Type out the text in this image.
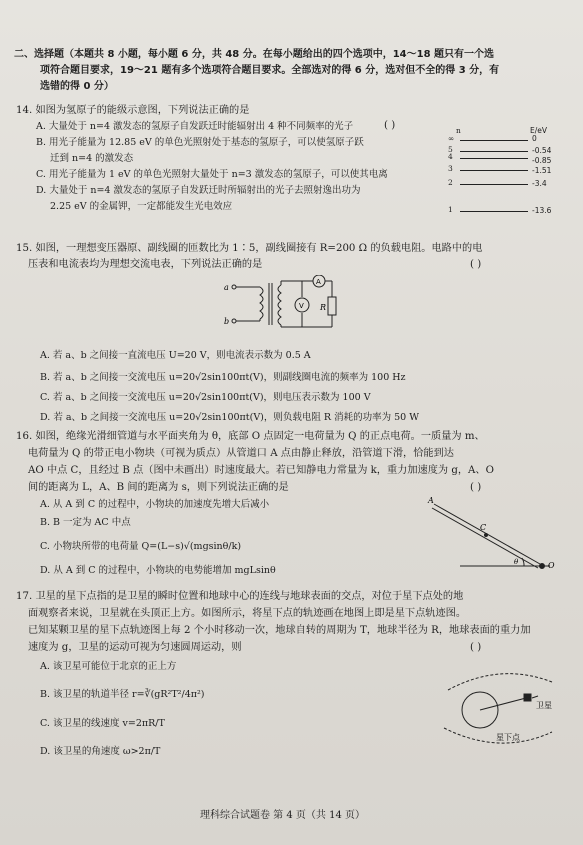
二、选择题（本题共 8 小题，每小题 6 分，共 48 分。在每小题给出的四个选项中，14～18 题只有一个选
项符合题目要求，19～21 题有多个选项符合题目要求。全部选对的得 6 分，选对但不全的得 3 分，有
选错的得 0 分）
14. 如图为氢原子的能级示意图，下列说法正确的是
( )
A. 大量处于 n=4 激发态的氢原子自发跃迁时能辐射出 4 种不同频率的光子
B. 用光子能量为 12.85 eV 的单色光照射处于基态的氢原子，可以使氢原子跃
迁到 n=4 的激发态
C. 用光子能量为 1 eV 的单色光照射大量处于 n=3 激发态的氢原子，可以使其电离
D. 大量处于 n=4 激发态的氢原子自发跃迁时所辐射出的光子去照射逸出功为
2.25 eV 的金属钾，一定都能发生光电效应
n	E/eV
∞	0
5	-0.54
4	-0.85
3	-1.51
2	-3.4
1	-13.6
15. 如图，一理想变压器原、副线圈的匝数比为 1∶5，副线圈接有 R=200 Ω 的负载电阻。电路中的电
压表和电流表均为理想交流电表，下列说法正确的是	( )
a
b
A
V R
A. 若 a、b 之间接一直流电压 U=20 V，则电流表示数为 0.5 A
B. 若 a、b 之间接一交流电压 u=20√2sin100πt(V)，则副线圈电流的频率为 100 Hz
C. 若 a、b 之间接一交流电压 u=20√2sin100πt(V)，则电压表示数为 100 V
D. 若 a、b 之间接一交流电压 u=20√2sin100πt(V)，则负载电阻 R 消耗的功率为 50 W
16. 如图，绝缘光滑细管道与水平面夹角为 θ，底部 O 点固定一电荷量为 Q 的正点电荷。一质量为 m、
电荷量为 Q 的带正电小物块（可视为质点）从管道口 A 点由静止释放，沿管道下滑，恰能到达
AO 中点 C，且经过 B 点（图中未画出）时速度最大。若已知静电力常量为 k，重力加速度为 g，A、O
间的距离为 L，A、B 间的距离为 s，则下列说法正确的是	( )
A. 从 A 到 C 的过程中，小物块的加速度先增大后减小
B. B 一定为 AC 中点
C. 小物块所带的电荷量 Q=(L−s)√(mgsinθ/k)
D. 从 A 到 C 的过程中，小物块的电势能增加 mgLsinθ
A
C
O
θ
17. 卫星的星下点指的是卫星的瞬时位置和地球中心的连线与地球表面的交点，对位于星下点处的地
面观察者来说，卫星就在头顶正上方。如图所示，将星下点的轨迹画在地图上即是星下点轨迹图。
已知某颗卫星的星下点轨迹图上每 2 个小时移动一次，地球自转的周期为 T，地球半径为 R，地球表面的重力加
速度为 g，卫星的运动可视为匀速圆周运动，则	( )
A. 该卫星可能位于北京的正上方
B. 该卫星的轨道半径 r=∛(gR²T²/4π²)
C. 该卫星的线速度 v=2πR/T
D. 该卫星的角速度 ω>2π/T
卫星
星下点
理科综合试题卷 第 4 页（共 14 页）
